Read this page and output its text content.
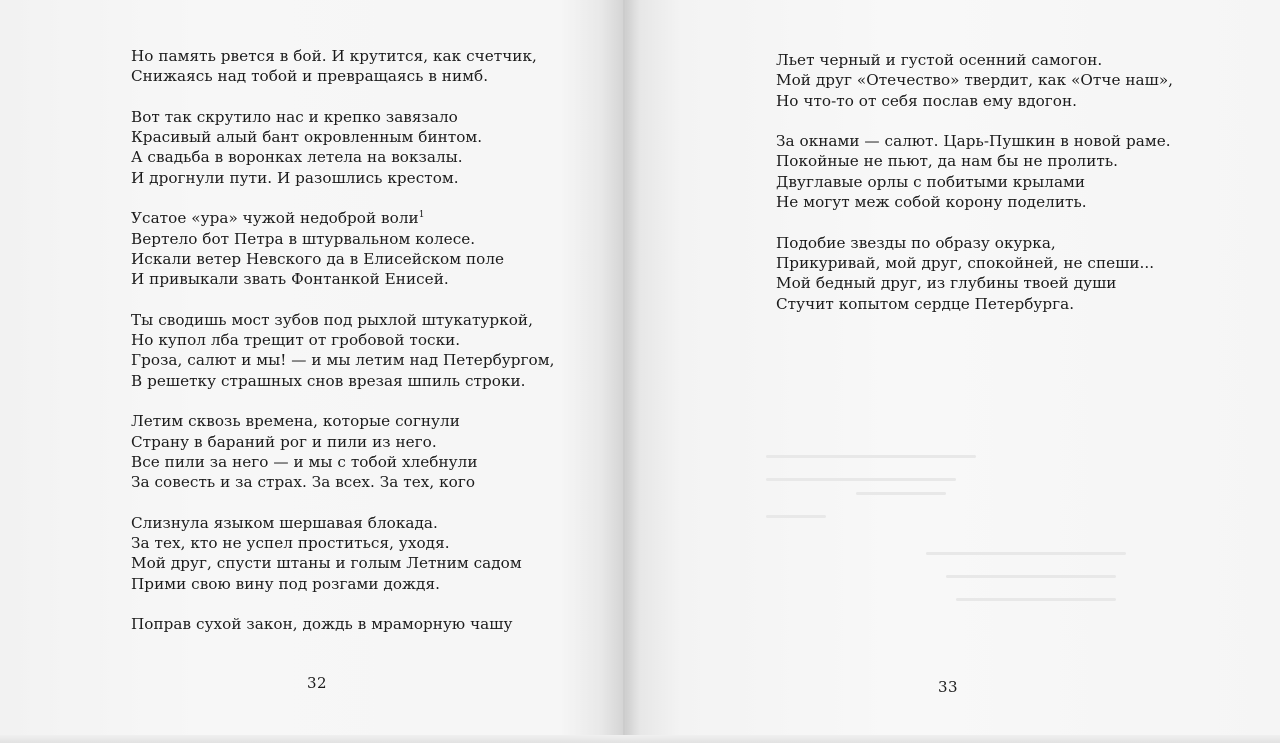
Но память рвется в бой. И крутится, как счетчик,
Снижаясь над тобой и превращаясь в нимб.
Вот так скрутило нас и крепко завязало
Красивый алый бант окровленным бинтом.
А свадьба в воронках летела на вокзалы.
И дрогнули пути. И разошлись крестом.
Усатое «ура» чужой недоброй воли$^1$
Вертело бот Петра в штурвальном колесе.
Искали ветер Невского да в Елисейском поле
И привыкали звать Фонтанкой Енисей.
Ты сводишь мост зубов под рыхлой штукатуркой,
Но купол лба трещит от гробовой тоски.
Гроза, салют и мы! — и мы летим над Петербургом,
В решетку страшных снов врезая шпиль строки.
Летим сквозь времена, которые согнули
Страну в бараний рог и пили из него.
Все пили за него — и мы с тобой хлебнули
За совесть и за страх. За всех. За тех, кого
Слизнула языком шершавая блокада.
За тех, кто не успел проститься, уходя.
Мой друг, спусти штаны и голым Летним садом
Прими свою вину под розгами дождя.
Поправ сухой закон, дождь в мраморную чашу
32
Льет черный и густой осенний самогон.
Мой друг «Отечество» твердит, как «Отче наш»,
Но что-то от себя послав ему вдогон.
За окнами — салют. Царь-Пушкин в новой раме.
Покойные не пьют, да нам бы не пролить.
Двуглавые орлы с побитыми крылами
Не могут меж собой корону поделить.
Подобие звезды по образу окурка,
Прикуривай, мой друг, спокойней, не спеши...
Мой бедный друг, из глубины твоей души
Стучит копытом сердце Петербурга.
33
